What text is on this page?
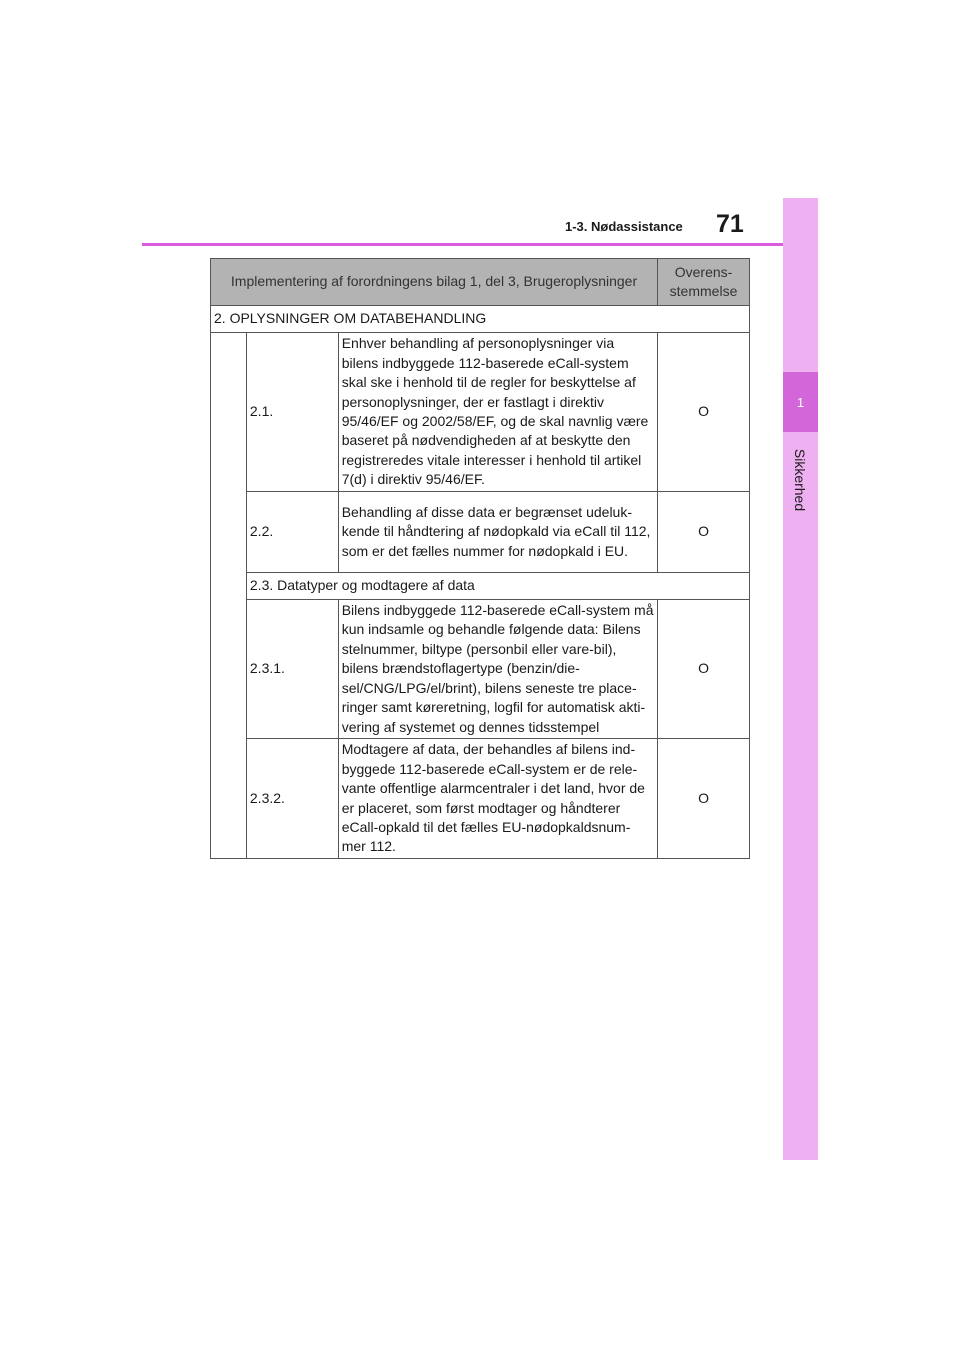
1
Sikkerhed
1-3. Nødassistance 71
Implementering af forordningens bilag 1, del 3, Brugeroplysninger			Overens-
stemmelse
2. OPLYSNINGER OM DATABEHANDLING			
	2.1.	Enhver behandling af personoplysninger via bilens indbyggede 112-baserede eCall-system skal ske i henhold til de regler for beskyttelse af personoplysninger, der er fastlagt i direktiv 95/46/EF og 2002/58/EF, og de skal navnlig være baseret på nødvendigheden af at beskytte den registreredes vitale interesser i henhold til artikel 7(d) i direktiv 95/46/EF.	O
	2.2.	Behandling af disse data er begrænset udeluk-kende til håndtering af nødopkald via eCall til 112, som er det fælles nummer for nødopkald i EU.	O
	2.3. Datatyper og modtagere af data		
	2.3.1.	Bilens indbyggede 112-baserede eCall-system må kun indsamle og behandle følgende data: Bilens stelnummer, biltype (personbil eller vare-bil), bilens brændstoflagertype (benzin/die-sel/CNG/LPG/el/brint), bilens seneste tre place-ringer samt køreretning, logfil for automatisk akti-vering af systemet og dennes tidsstempel	O
	2.3.2.	Modtagere af data, der behandles af bilens ind-byggede 112-baserede eCall-system er de rele-vante offentlige alarmcentraler i det land, hvor de er placeret, som først modtager og håndterer eCall-opkald til det fælles EU-nødopkaldsnum-mer 112.	O
